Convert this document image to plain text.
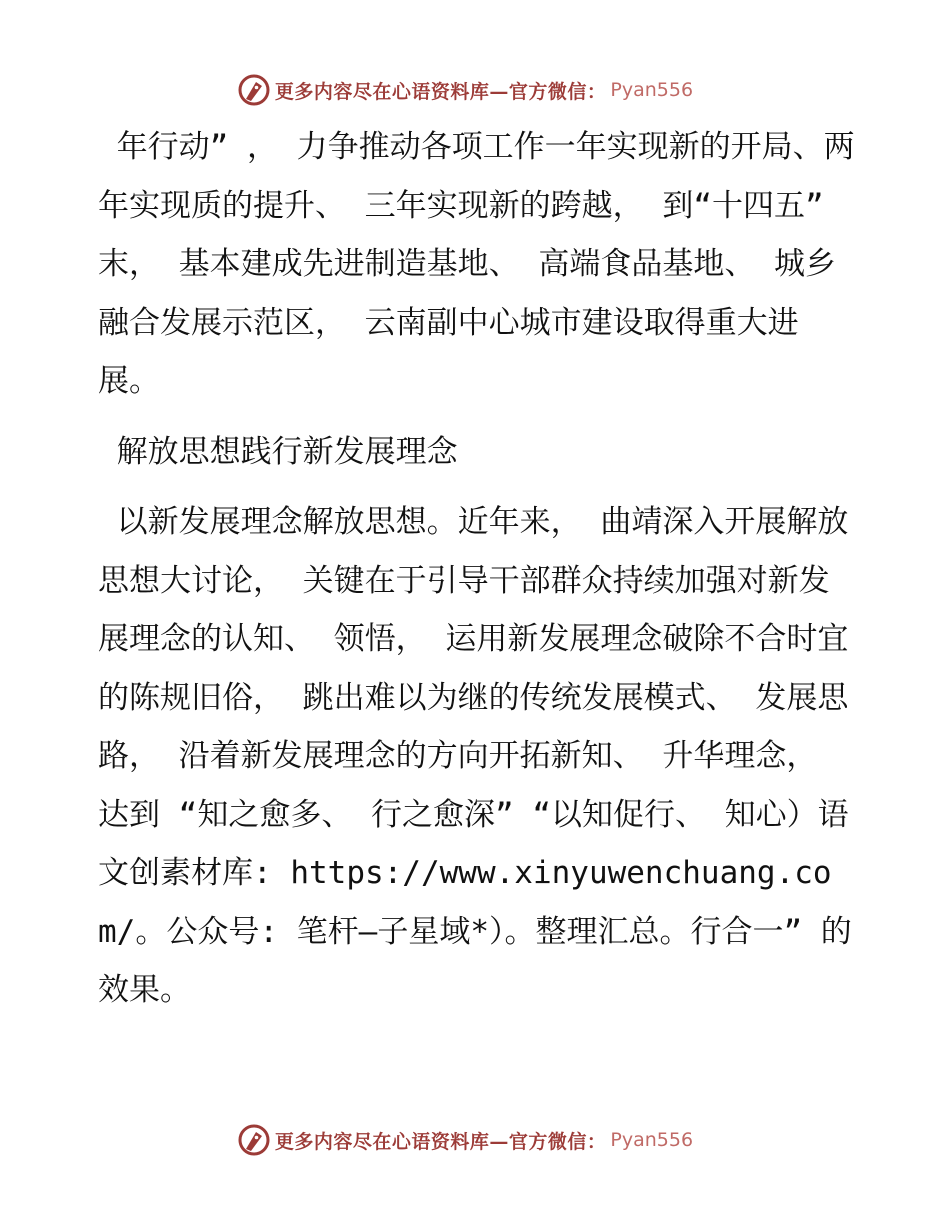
更多内容尽在心语资料库—官方微信： Pyan556

年行动” ， 力争推动各项工作一年实现新的开局、两年实现质的提升、 三年实现新的跨越， 到“十四五” 末， 基本建成先进制造基地、 高端食品基地、 城乡融合发展示范区， 云南副中心城市建设取得重大进展。

解放思想践行新发展理念

以新发展理念解放思想。近年来， 曲靖深入开展解放思想大讨论， 关键在于引导干部群众持续加强对新发展理念的认知、 领悟， 运用新发展理念破除不合时宜的陈规旧俗， 跳出难以为继的传统发展模式、 发展思路， 沿着新发展理念的方向开拓新知、 升华理念， 达到 “知之愈多、 行之愈深” “以知促行、 知心）语文创素材库: https://www.xinyuwenchuang.com/。公众号: 笔杆—子星域*）。整理汇总。行合一” 的效果。

更多内容尽在心语资料库—官方微信： Pyan556
